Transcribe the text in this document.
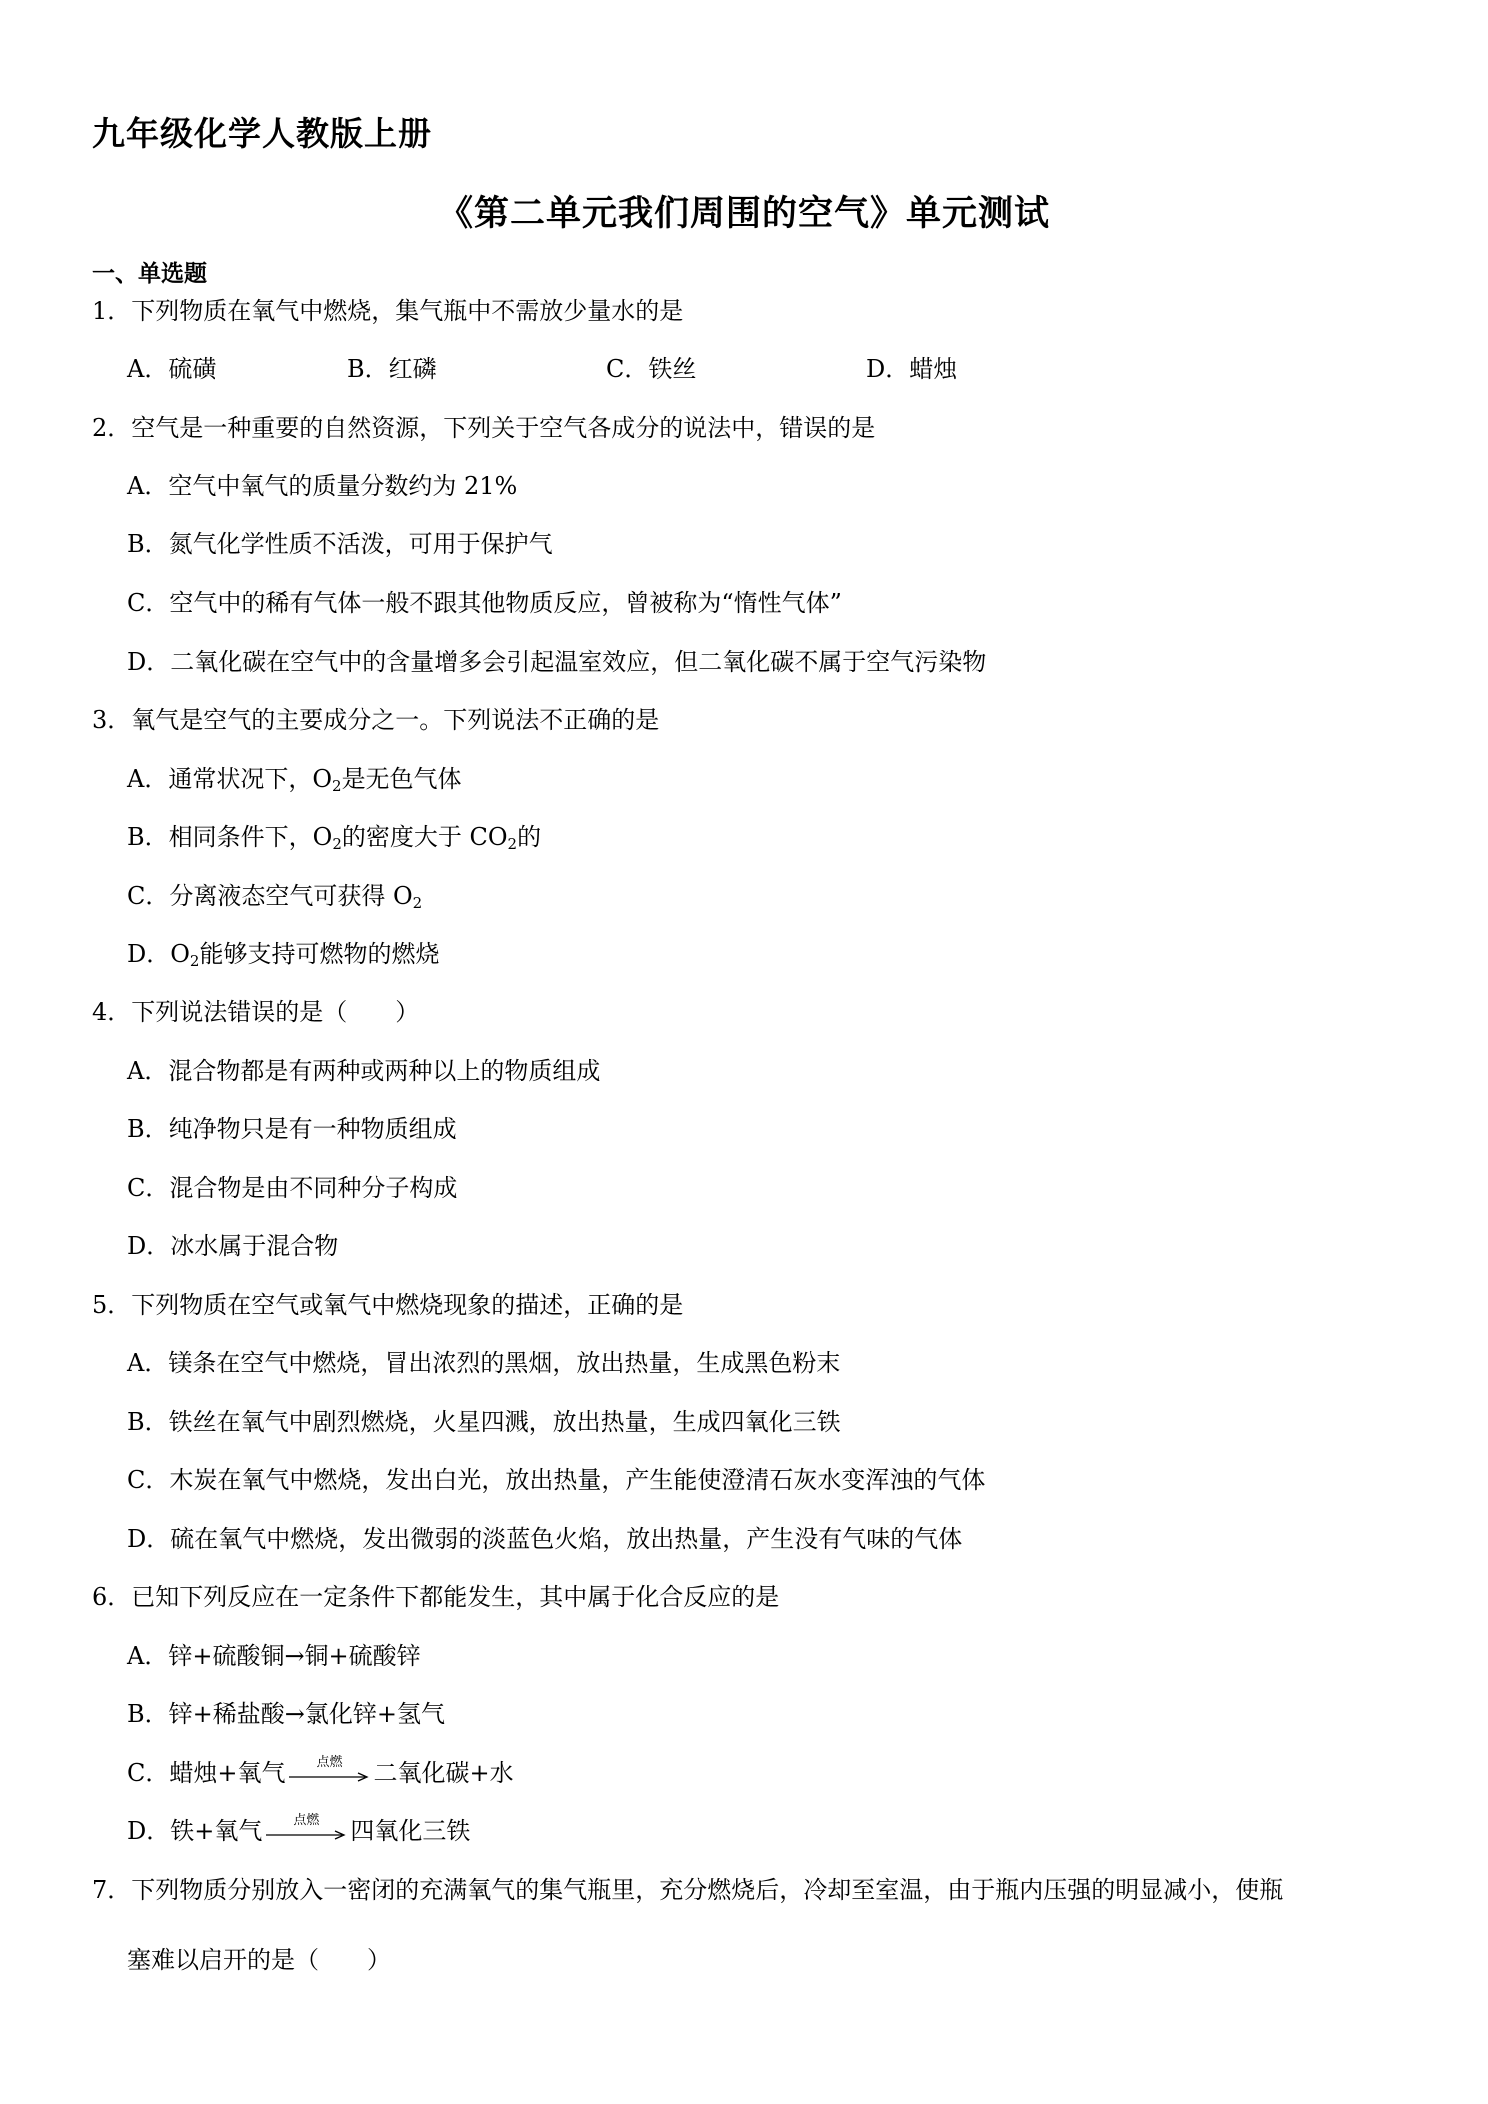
九年级化学人教版上册
《第二单元我们周围的空气》单元测试
一、单选题
1．下列物质在氧气中燃烧，集气瓶中不需放少量水的是
A．硫磺	B．红磷	C．铁丝	D．蜡烛
2．空气是一种重要的自然资源，下列关于空气各成分的说法中，错误的是
A．空气中氧气的质量分数约为 21%
B．氮气化学性质不活泼，可用于保护气
C．空气中的稀有气体一般不跟其他物质反应，曾被称为“惰性气体”
D．二氧化碳在空气中的含量增多会引起温室效应，但二氧化碳不属于空气污染物
3．氧气是空气的主要成分之一。下列说法不正确的是
A．通常状况下，$O_2$是无色气体
B．相同条件下，$O_2$的密度大于 $CO_2$的
C．分离液态空气可获得 $O_2$
D．$O_2$能够支持可燃物的燃烧
4．下列说法错误的是（　　）
A．混合物都是有两种或两种以上的物质组成
B．纯净物只是有一种物质组成
C．混合物是由不同种分子构成
D．冰水属于混合物
5．下列物质在空气或氧气中燃烧现象的描述，正确的是
A．镁条在空气中燃烧，冒出浓烈的黑烟，放出热量，生成黑色粉末
B．铁丝在氧气中剧烈燃烧，火星四溅，放出热量，生成四氧化三铁
C．木炭在氧气中燃烧，发出白光，放出热量，产生能使澄清石灰水变浑浊的气体
D．硫在氧气中燃烧，发出微弱的淡蓝色火焰，放出热量，产生没有气味的气体
6．已知下列反应在一定条件下都能发生，其中属于化合反应的是
A．锌+硫酸铜→铜+硫酸锌
B．锌+稀盐酸→氯化锌+氢气
C．蜡烛+氧气	点燃	二氧化碳+水
D．铁+氧气	点燃	四氧化三铁
7．下列物质分别放入一密闭的充满氧气的集气瓶里，充分燃烧后，冷却至室温，由于瓶内压强的明显减小，使瓶
塞难以启开的是（　　）
